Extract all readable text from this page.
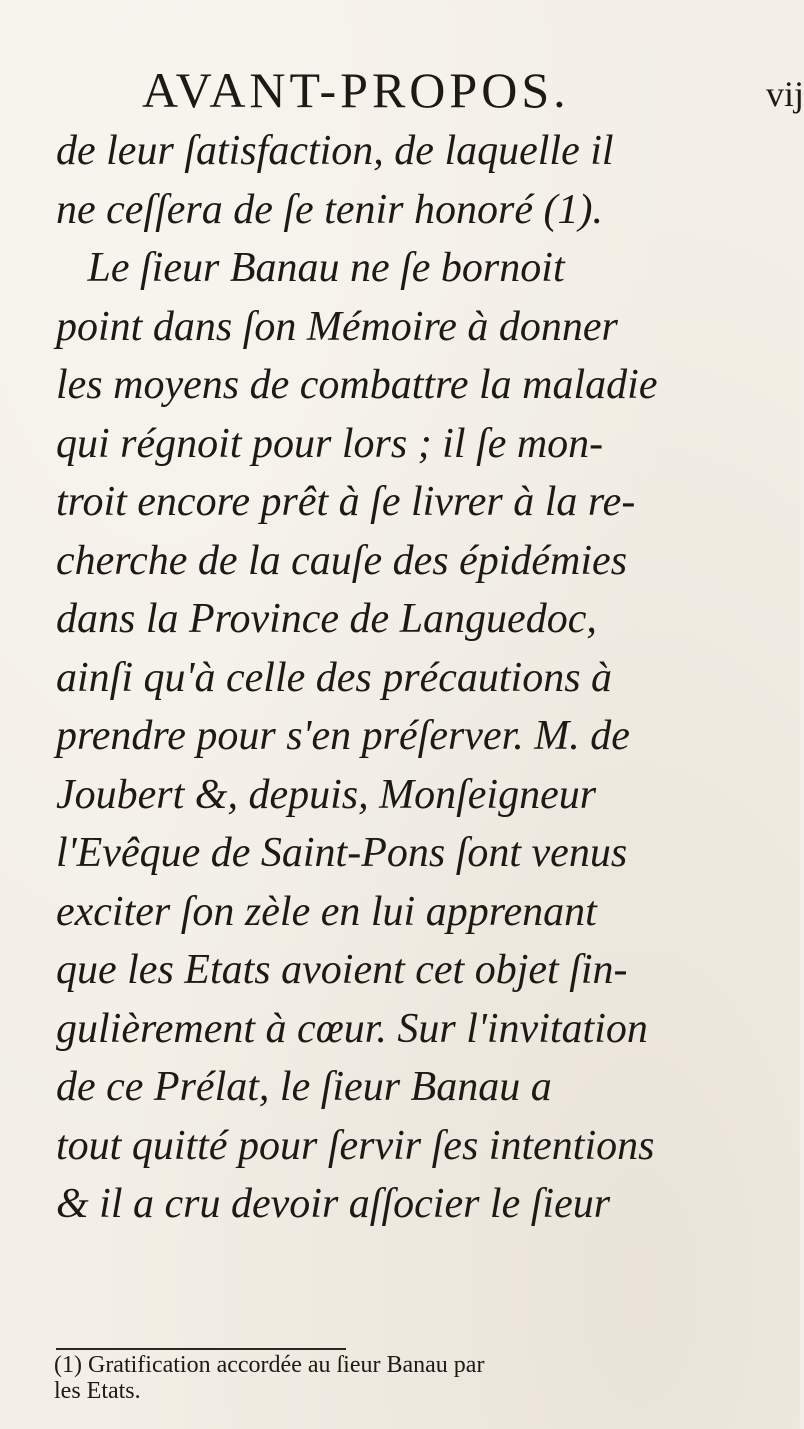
AVANT-PROPOS.	vij
de leur ſatisfaction, de laquelle il
ne ceſſera de ſe tenir honoré (1).
Le ſieur Banau ne ſe bornoit
point dans ſon Mémoire à donner
les moyens de combattre la maladie
qui régnoit pour lors ; il ſe mon-
troit encore prêt à ſe livrer à la re-
cherche de la cauſe des épidémies
dans la Province de Languedoc,
ainſi qu'à celle des précautions à
prendre pour s'en préſerver. M. de
Joubert &, depuis, Monſeigneur
l'Evêque de Saint-Pons ſont venus
exciter ſon zèle en lui apprenant
que les Etats avoient cet objet ſin-
gulièrement à cœur. Sur l'invitation
de ce Prélat, le ſieur Banau a
tout quitté pour ſervir ſes intentions
& il a cru devoir aſſocier le ſieur
(1) Gratification accordée au ſieur Banau par
les Etats.
